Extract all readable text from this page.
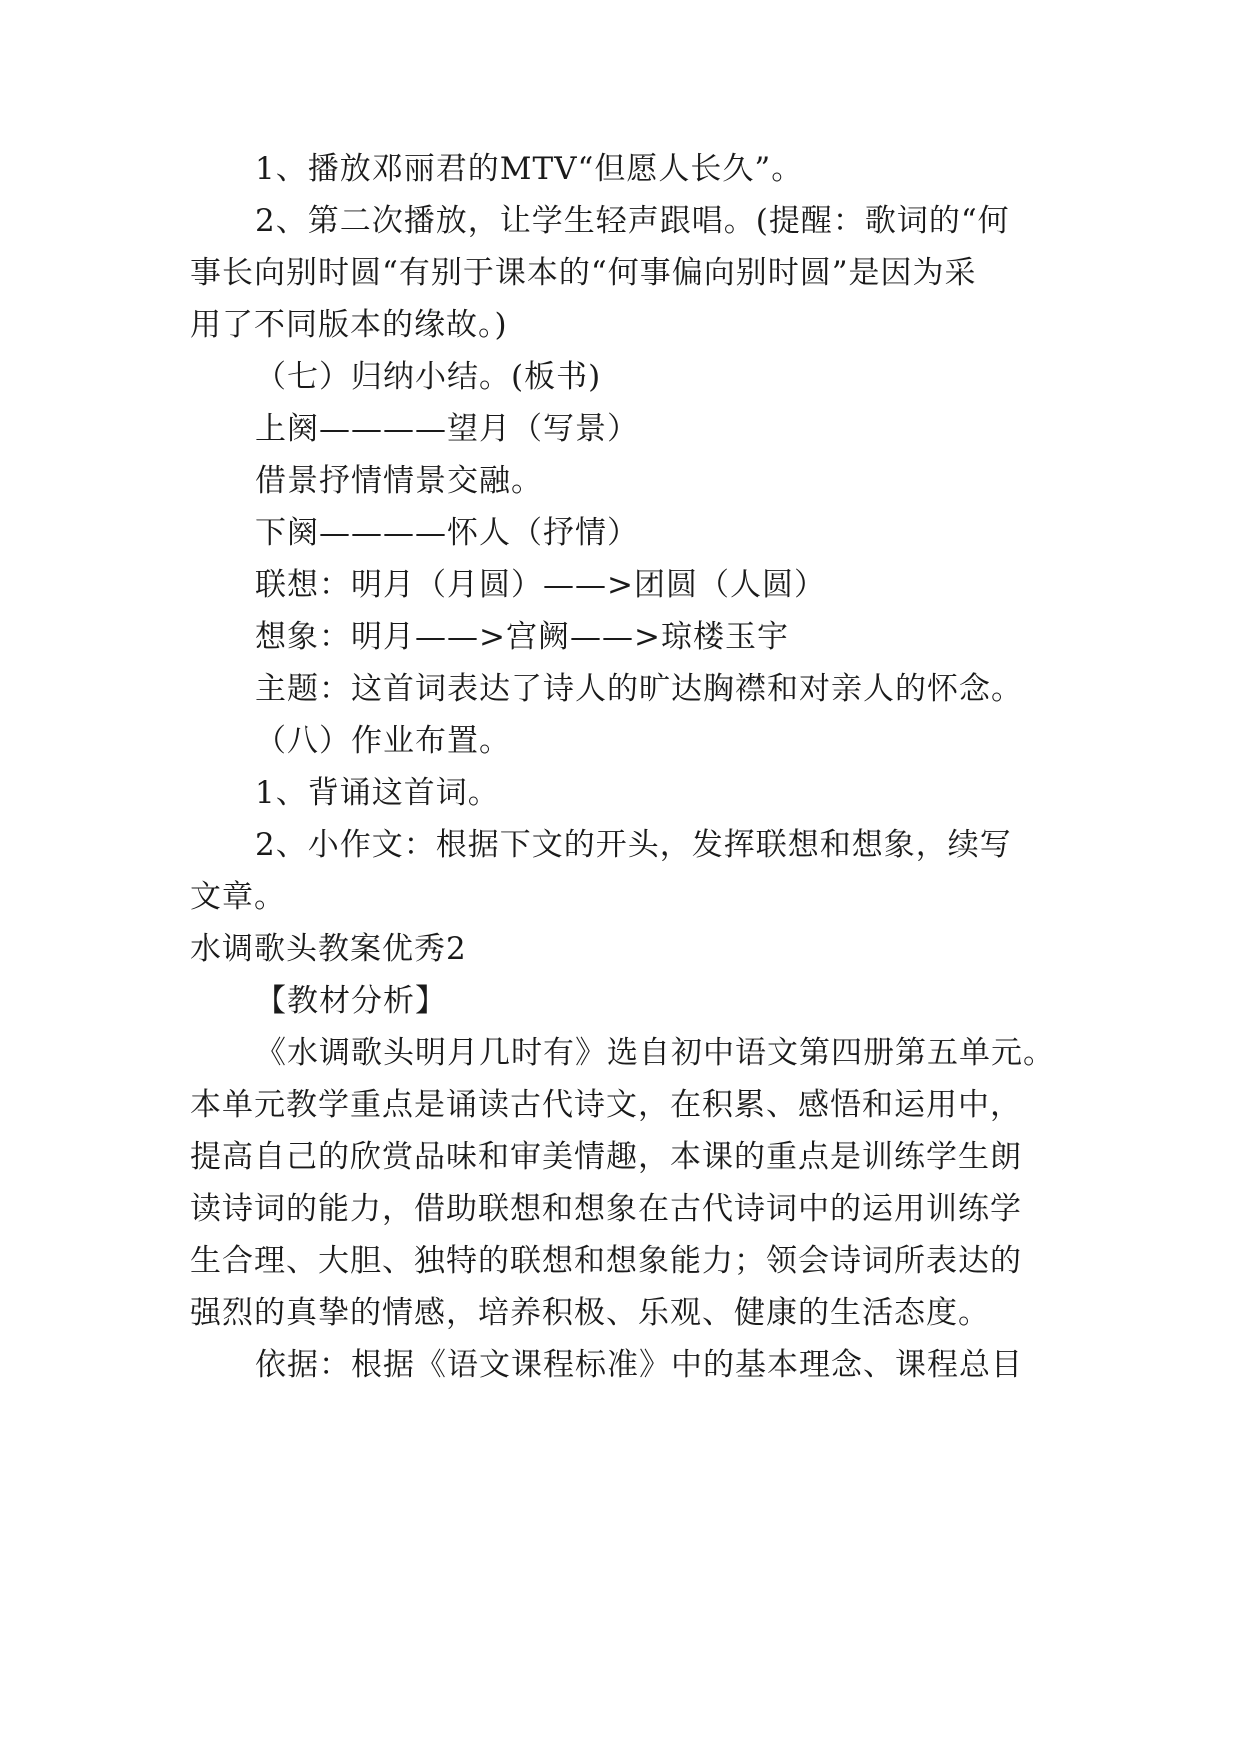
1、播放邓丽君的MTV“但愿人长久”。
2、第二次播放，让学生轻声跟唱。(提醒：歌词的“何
事长向别时圆“有别于课本的“何事偏向别时圆”是因为采
用了不同版本的缘故。)
（七）归纳小结。(板书)
上阕————望月（写景）
借景抒情情景交融。
下阕————怀人（抒情）
联想：明月（月圆）——>团圆（人圆）
想象：明月——>宫阙——>琼楼玉宇
主题：这首词表达了诗人的旷达胸襟和对亲人的怀念。
（八）作业布置。
1、背诵这首词。
2、小作文：根据下文的开头，发挥联想和想象，续写
文章。
水调歌头教案优秀2
【教材分析】
《水调歌头明月几时有》选自初中语文第四册第五单元。
本单元教学重点是诵读古代诗文，在积累、感悟和运用中，
提高自己的欣赏品味和审美情趣，本课的重点是训练学生朗
读诗词的能力，借助联想和想象在古代诗词中的运用训练学
生合理、大胆、独特的联想和想象能力；领会诗词所表达的
强烈的真挚的情感，培养积极、乐观、健康的生活态度。
依据：根据《语文课程标准》中的基本理念、课程总目
